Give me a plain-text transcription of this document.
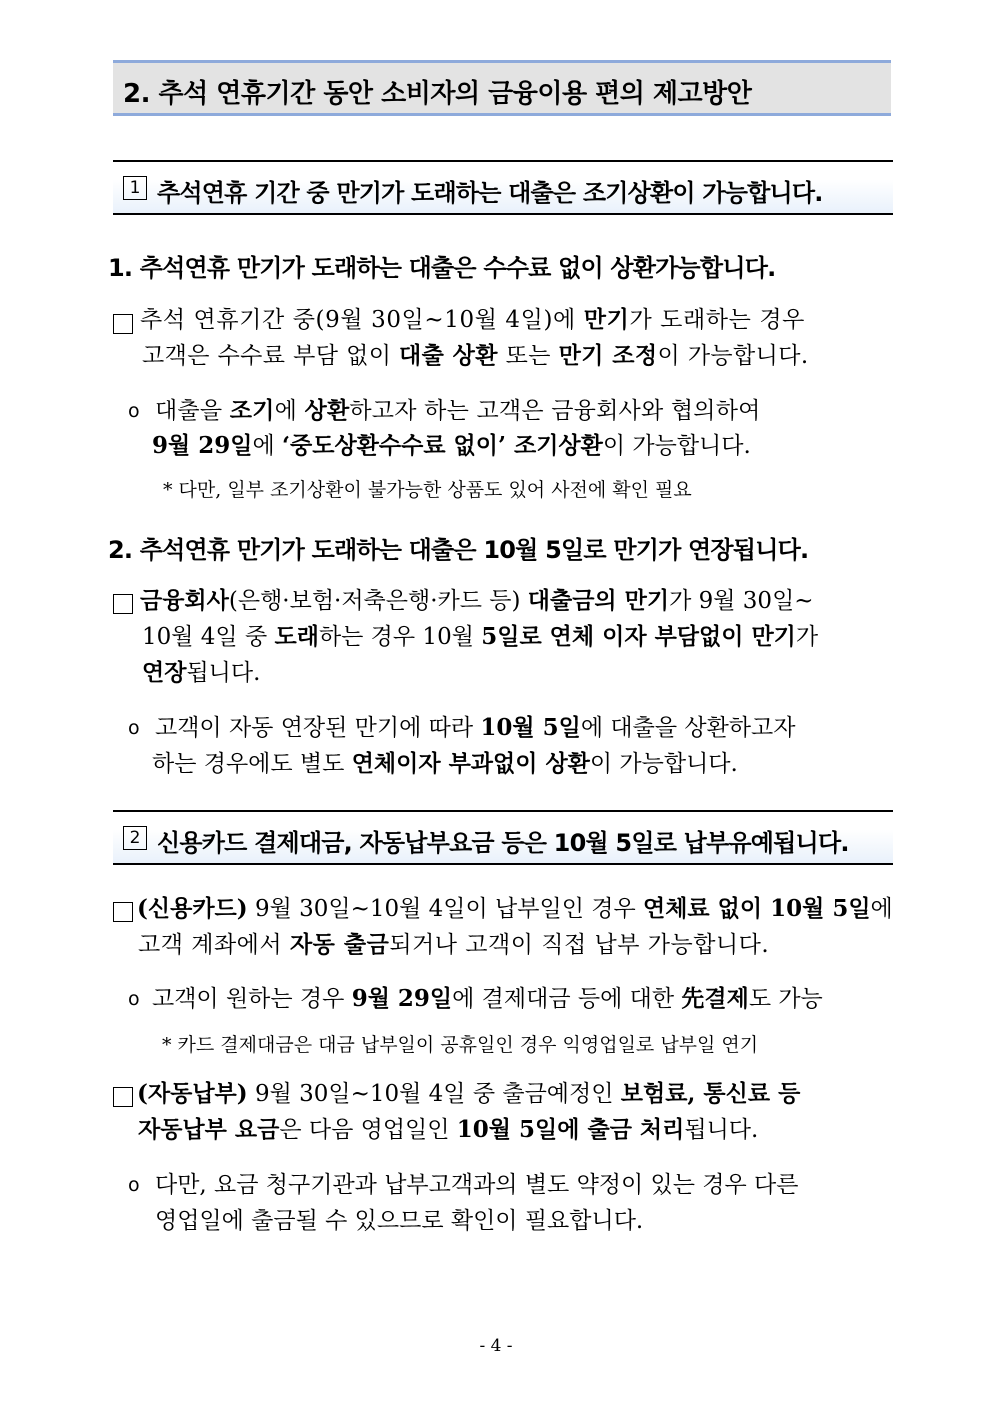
2. 추석 연휴기간 동안 소비자의 금융이용 편의 제고방안
1 추석연휴 기간 중 만기가 도래하는 대출은 조기상환이 가능합니다.
1. 추석연휴 만기가 도래하는 대출은 수수료 없이 상환가능합니다.
추석 연휴기간 중(9월 30일~10월 4일)에 만기가 도래하는 경우
고객은 수수료 부담 없이 대출 상환 또는 만기 조정이 가능합니다.
o 대출을 조기에 상환하고자 하는 고객은 금융회사와 협의하여
9월 29일에 ‘중도상환수수료 없이’ 조기상환이 가능합니다.
* 다만, 일부 조기상환이 불가능한 상품도 있어 사전에 확인 필요
2. 추석연휴 만기가 도래하는 대출은 10월 5일로 만기가 연장됩니다.
금융회사(은행·보험·저축은행·카드 등) 대출금의 만기가 9월 30일~
10월 4일 중 도래하는 경우 10월 5일로 연체 이자 부담없이 만기가
연장됩니다.
o 고객이 자동 연장된 만기에 따라 10월 5일에 대출을 상환하고자
하는 경우에도 별도 연체이자 부과없이 상환이 가능합니다.
2 신용카드 결제대금, 자동납부요금 등은 10월 5일로 납부유예됩니다.
(신용카드) 9월 30일~10월 4일이 납부일인 경우 연체료 없이 10월 5일에
고객 계좌에서 자동 출금되거나 고객이 직접 납부 가능합니다.
o 고객이 원하는 경우 9월 29일에 결제대금 등에 대한 先결제도 가능
* 카드 결제대금은 대금 납부일이 공휴일인 경우 익영업일로 납부일 연기
(자동납부) 9월 30일~10월 4일 중 출금예정인 보험료, 통신료 등
자동납부 요금은 다음 영업일인 10월 5일에 출금 처리됩니다.
o 다만, 요금 청구기관과 납부고객과의 별도 약정이 있는 경우 다른
영업일에 출금될 수 있으므로 확인이 필요합니다.
- 4 -
